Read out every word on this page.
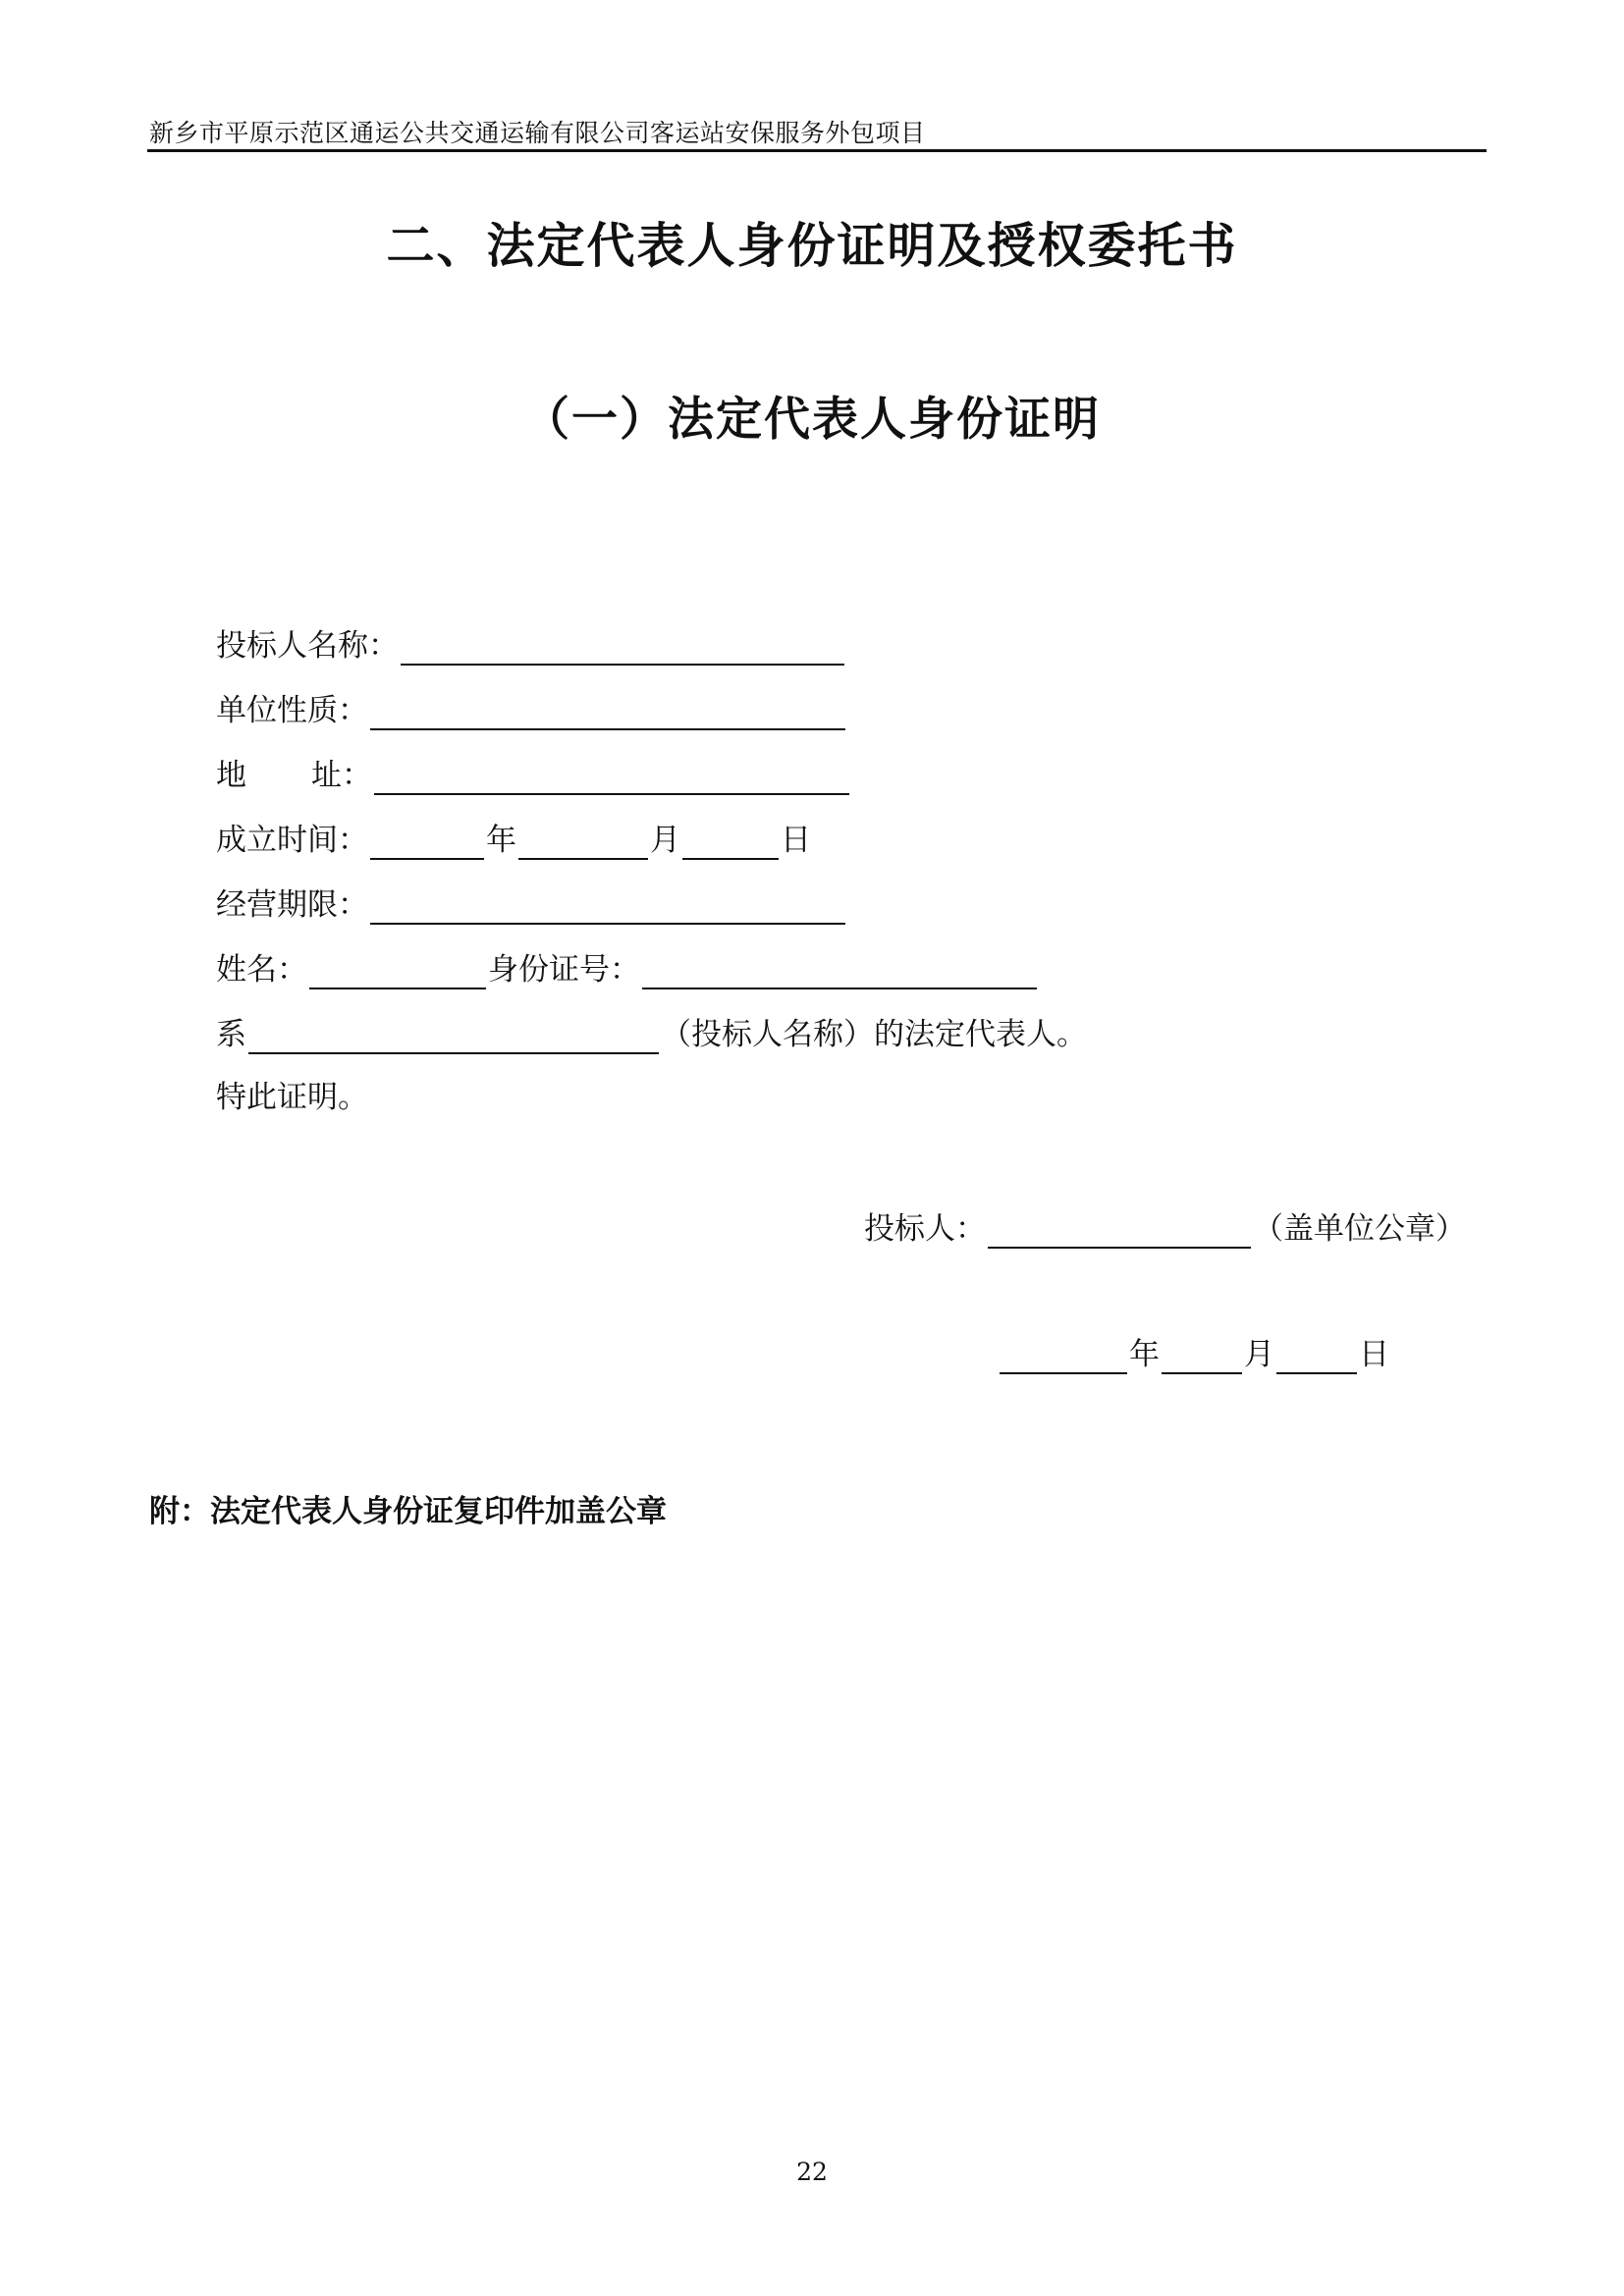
新乡市平原示范区通运公共交通运输有限公司客运站安保服务外包项目
二、法定代表人身份证明及授权委托书
（一）法定代表人身份证明
投标人名称：
单位性质：
地 址：
成立时间：	年	月	日
经营期限：
姓名：	身份证号：
系	（投标人名称）的法定代表人。
特此证明。
投标人：	（盖单位公章）
年	月	日
附：法定代表人身份证复印件加盖公章
22
